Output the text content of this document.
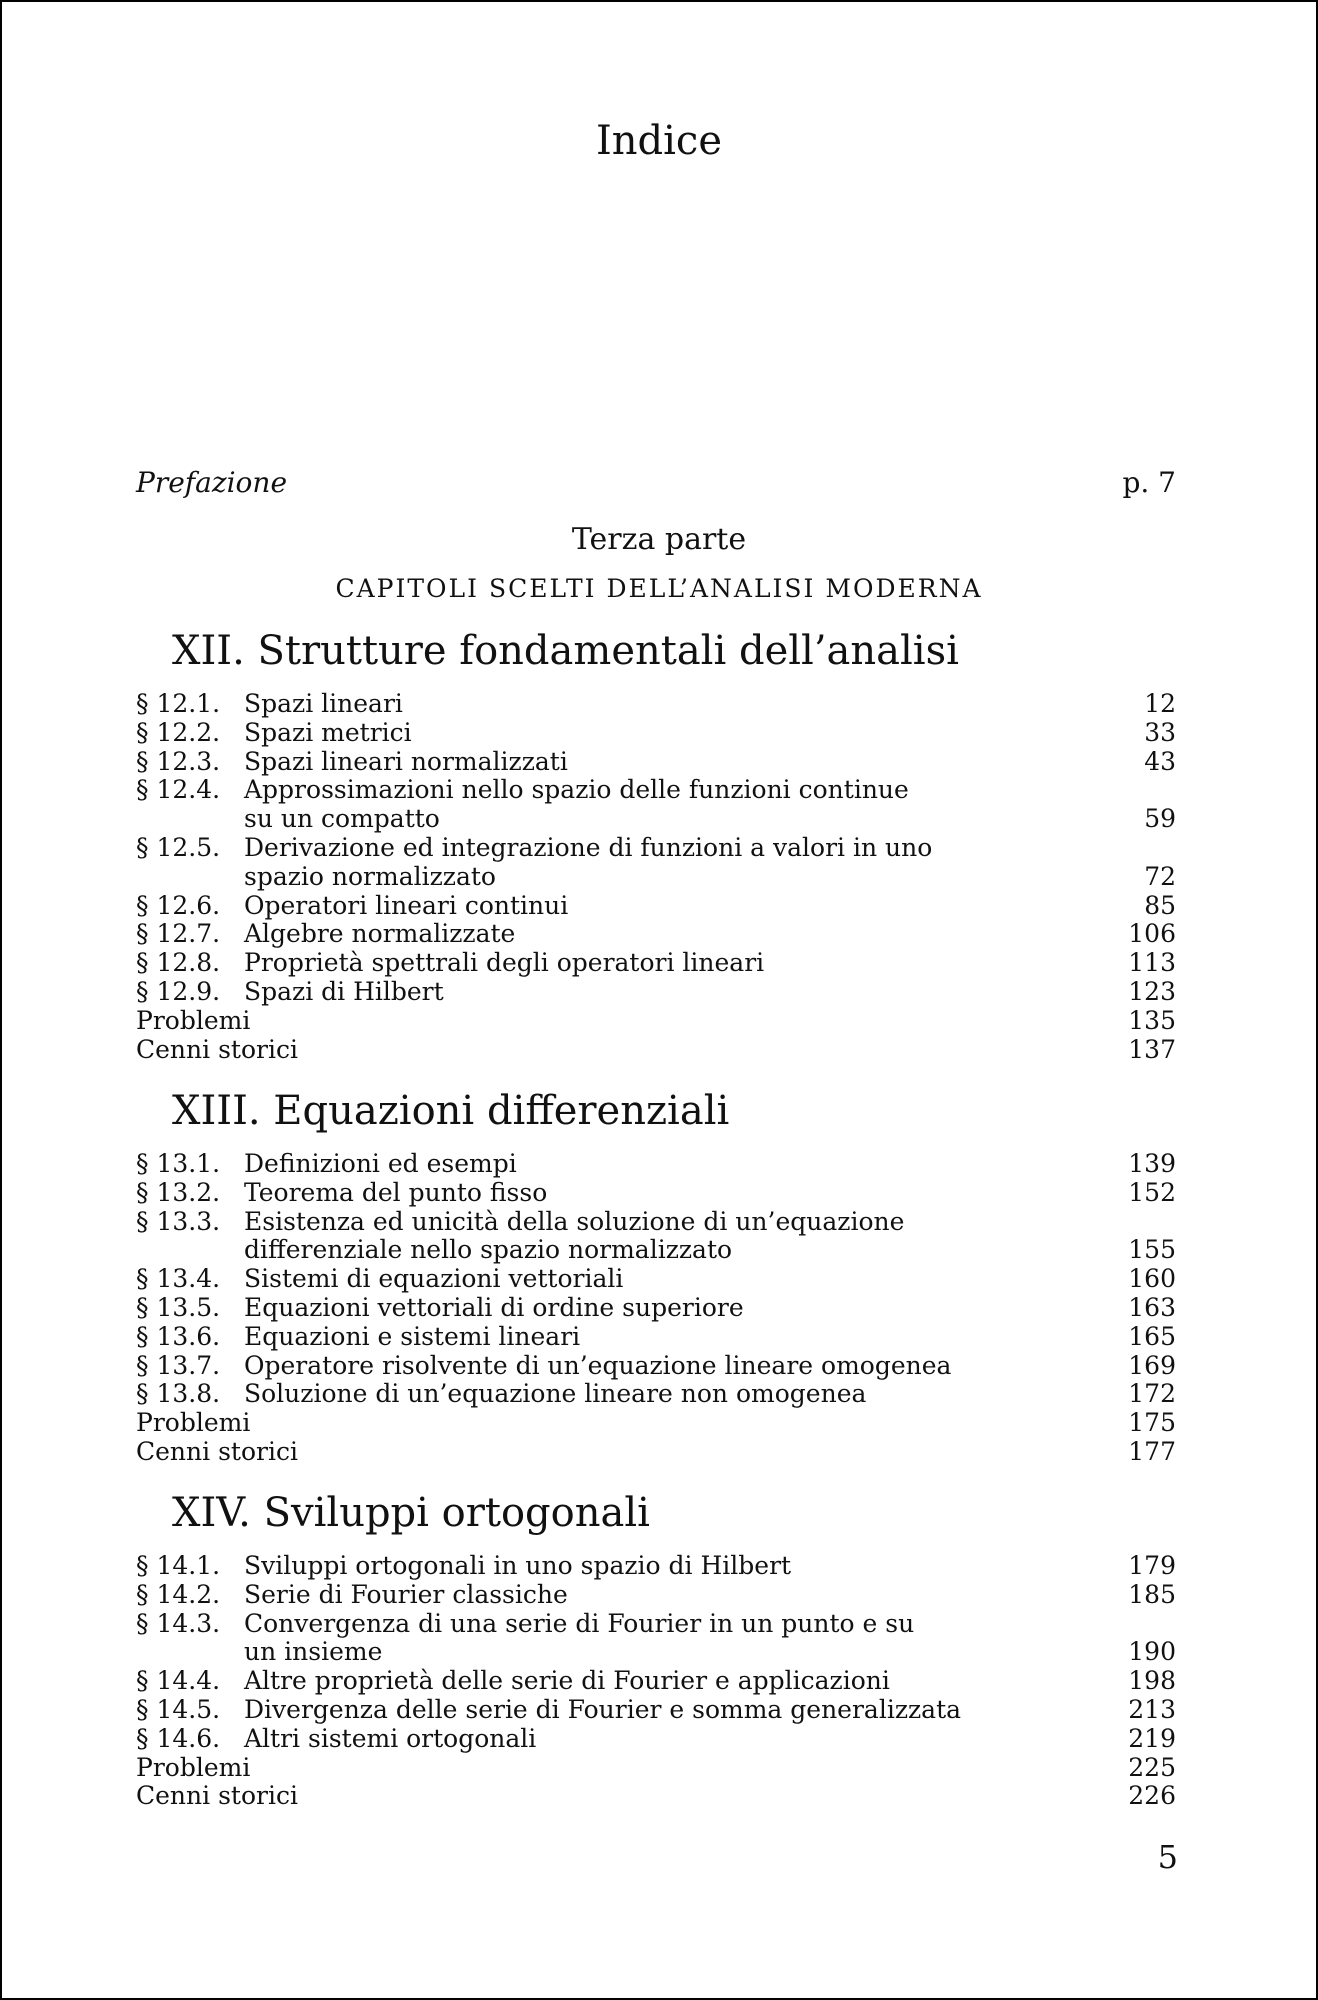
Indice
Prefazione	p. 7
Terza parte
CAPITOLI SCELTI DELL’ANALISI MODERNA
XII. Strutture fondamentali dell’analisi
§ 12.1. Spazi lineari	12
§ 12.2. Spazi metrici	33
§ 12.3. Spazi lineari normalizzati	43
§ 12.4. Approssimazioni nello spazio delle funzioni continue
su un compatto	59
§ 12.5. Derivazione ed integrazione di funzioni a valori in uno
spazio normalizzato	72
§ 12.6. Operatori lineari continui	85
§ 12.7. Algebre normalizzate	106
§ 12.8. Proprietà spettrali degli operatori lineari	113
§ 12.9. Spazi di Hilbert	123
Problemi	135
Cenni storici	137
XIII. Equazioni differenziali
§ 13.1. Definizioni ed esempi	139
§ 13.2. Teorema del punto fisso	152
§ 13.3. Esistenza ed unicità della soluzione di un’equazione
differenziale nello spazio normalizzato	155
§ 13.4. Sistemi di equazioni vettoriali	160
§ 13.5. Equazioni vettoriali di ordine superiore	163
§ 13.6. Equazioni e sistemi lineari	165
§ 13.7. Operatore risolvente di un’equazione lineare omogenea	169
§ 13.8. Soluzione di un’equazione lineare non omogenea	172
Problemi	175
Cenni storici	177
XIV. Sviluppi ortogonali
§ 14.1. Sviluppi ortogonali in uno spazio di Hilbert	179
§ 14.2. Serie di Fourier classiche	185
§ 14.3. Convergenza di una serie di Fourier in un punto e su
un insieme	190
§ 14.4. Altre proprietà delle serie di Fourier e applicazioni	198
§ 14.5. Divergenza delle serie di Fourier e somma generalizzata	213
§ 14.6. Altri sistemi ortogonali	219
Problemi	225
Cenni storici	226
5
